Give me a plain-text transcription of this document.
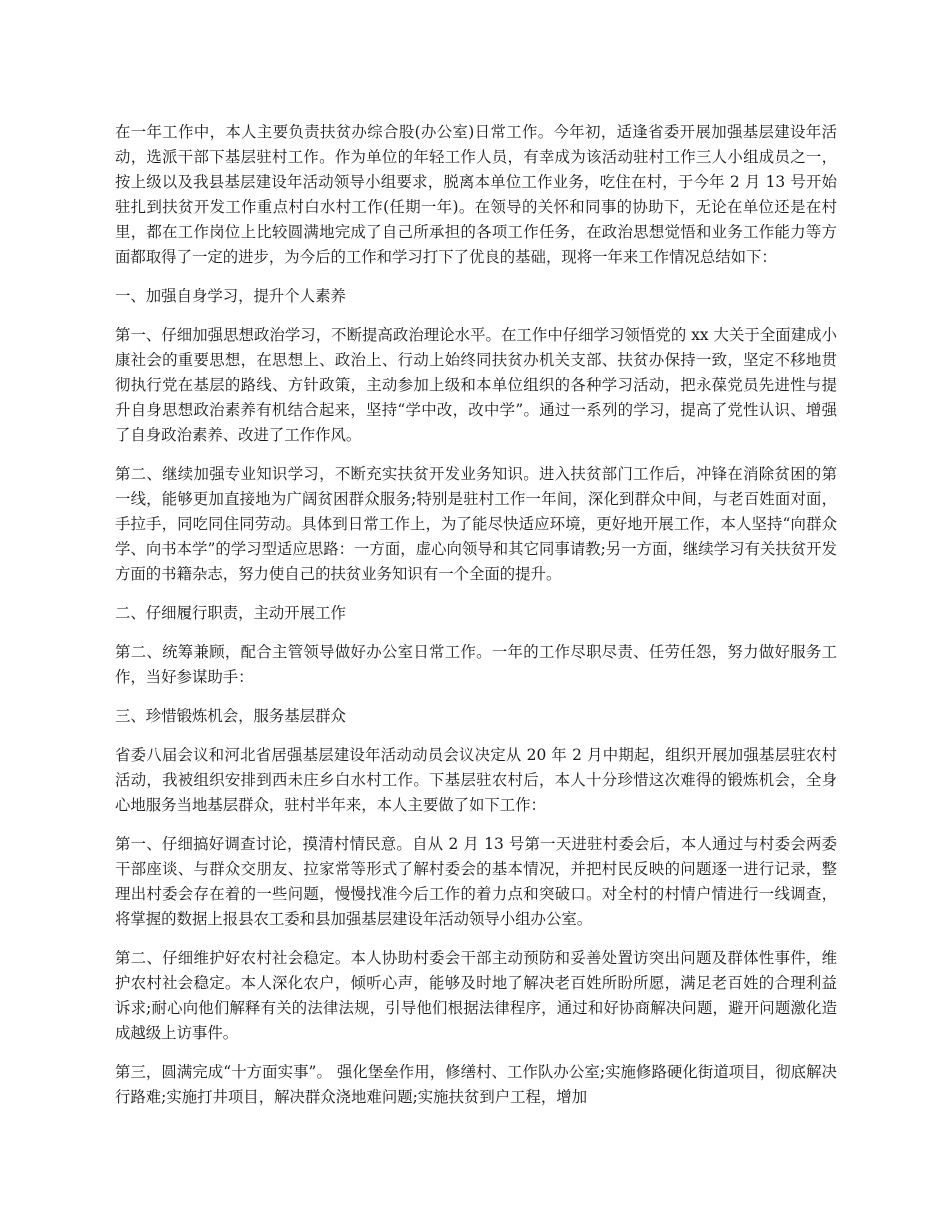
在一年工作中，本人主要负责扶贫办综合股(办公室)日常工作。今年初，适逢省委开展加强基层建设年活动，选派干部下基层驻村工作。作为单位的年轻工作人员，有幸成为该活动驻村工作三人小组成员之一，按上级以及我县基层建设年活动领导小组要求，脱离本单位工作业务，吃住在村，于今年 2 月 13 号开始驻扎到扶贫开发工作重点村白水村工作(任期一年)。在领导的关怀和同事的协助下，无论在单位还是在村里，都在工作岗位上比较圆满地完成了自己所承担的各项工作任务，在政治思想觉悟和业务工作能力等方面都取得了一定的进步，为今后的工作和学习打下了优良的基础，现将一年来工作情况总结如下：

一、加强自身学习，提升个人素养

第一、仔细加强思想政治学习，不断提高政治理论水平。在工作中仔细学习领悟党的 xx 大关于全面建成小康社会的重要思想，在思想上、政治上、行动上始终同扶贫办机关支部、扶贫办保持一致，坚定不移地贯彻执行党在基层的路线、方针政策，主动参加上级和本单位组织的各种学习活动，把永葆党员先进性与提升自身思想政治素养有机结合起来，坚持“学中改，改中学”。通过一系列的学习，提高了党性认识、增强了自身政治素养、改进了工作作风。

第二、继续加强专业知识学习，不断充实扶贫开发业务知识。进入扶贫部门工作后，冲锋在消除贫困的第一线，能够更加直接地为广阔贫困群众服务;特别是驻村工作一年间，深化到群众中间，与老百姓面对面，手拉手，同吃同住同劳动。具体到日常工作上，为了能尽快适应环境，更好地开展工作，本人坚持“向群众学、向书本学”的学习型适应思路：一方面，虚心向领导和其它同事请教;另一方面，继续学习有关扶贫开发方面的书籍杂志，努力使自己的扶贫业务知识有一个全面的提升。

二、仔细履行职责，主动开展工作

第二、统筹兼顾，配合主管领导做好办公室日常工作。一年的工作尽职尽责、任劳任怨，努力做好服务工作，当好参谋助手：

三、珍惜锻炼机会，服务基层群众

省委八届会议和河北省居强基层建设年活动动员会议决定从 20 年 2 月中期起，组织开展加强基层驻农村活动，我被组织安排到西未庄乡白水村工作。下基层驻农村后，本人十分珍惜这次难得的锻炼机会，全身心地服务当地基层群众，驻村半年来，本人主要做了如下工作：

第一、仔细搞好调查讨论，摸清村情民意。自从 2 月 13 号第一天进驻村委会后，本人通过与村委会两委干部座谈、与群众交朋友、拉家常等形式了解村委会的基本情况，并把村民反映的问题逐一进行记录，整理出村委会存在着的一些问题，慢慢找准今后工作的着力点和突破口。对全村的村情户情进行一线调查，将掌握的数据上报县农工委和县加强基层建设年活动领导小组办公室。

第二、仔细维护好农村社会稳定。本人协助村委会干部主动预防和妥善处置访突出问题及群体性事件，维护农村社会稳定。本人深化农户，倾听心声，能够及时地了解决老百姓所盼所愿，满足老百姓的合理利益诉求;耐心向他们解释有关的法律法规，引导他们根据法律程序，通过和好协商解决问题，避开问题激化造成越级上访事件。

第三，圆满完成“十方面实事”。 强化堡垒作用，修缮村、工作队办公室;实施修路硬化街道项目，彻底解决行路难;实施打井项目，解决群众浇地难问题;实施扶贫到户工程，增加
